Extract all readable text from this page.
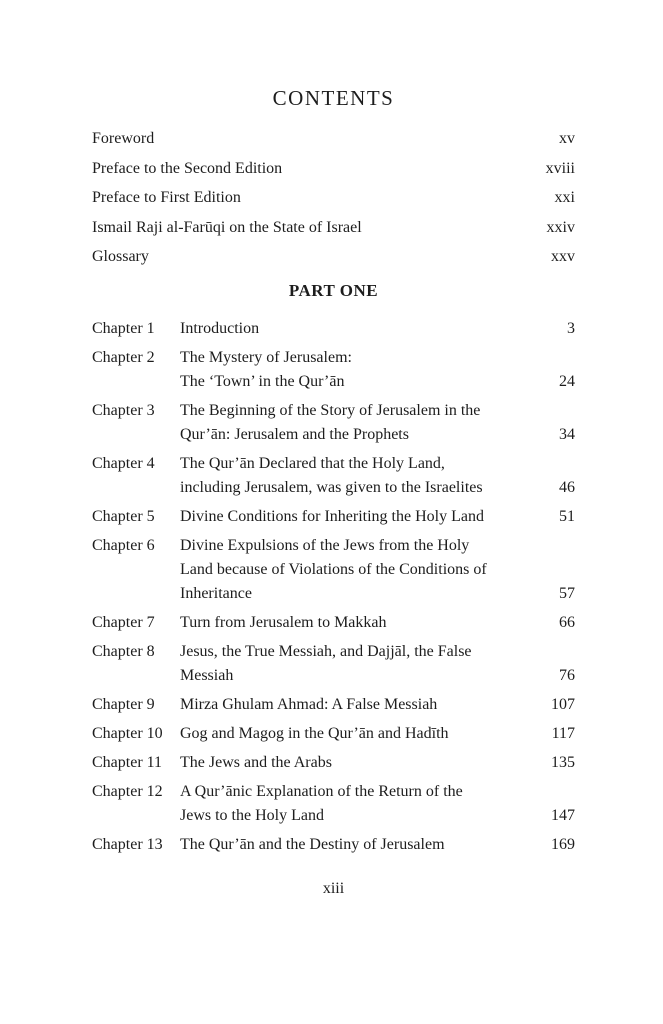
CONTENTS
Foreword	xv
Preface to the Second Edition	xviii
Preface to First Edition	xxi
Ismail Raji al-Farūqi on the State of Israel	xxiv
Glossary	xxv
PART ONE
Chapter 1	Introduction	3
Chapter 2	The Mystery of Jerusalem:
The ‘Town’ in the Qur’ān	24
Chapter 3	The Beginning of the Story of Jerusalem in the
Qur’ān: Jerusalem and the Prophets	34
Chapter 4	The Qur’ān Declared that the Holy Land,
including Jerusalem, was given to the Israelites	46
Chapter 5	Divine Conditions for Inheriting the Holy Land	51
Chapter 6	Divine Expulsions of the Jews from the Holy
Land because of Violations of the Conditions of
Inheritance	57
Chapter 7	Turn from Jerusalem to Makkah	66
Chapter 8	Jesus, the True Messiah, and Dajjāl, the False
Messiah	76
Chapter 9	Mirza Ghulam Ahmad: A False Messiah	107
Chapter 10	Gog and Magog in the Qur’ān and Hadīth	117
Chapter 11	The Jews and the Arabs	135
Chapter 12	A Qur’ānic Explanation of the Return of the
Jews to the Holy Land	147
Chapter 13	The Qur’ān and the Destiny of Jerusalem	169
xiii
